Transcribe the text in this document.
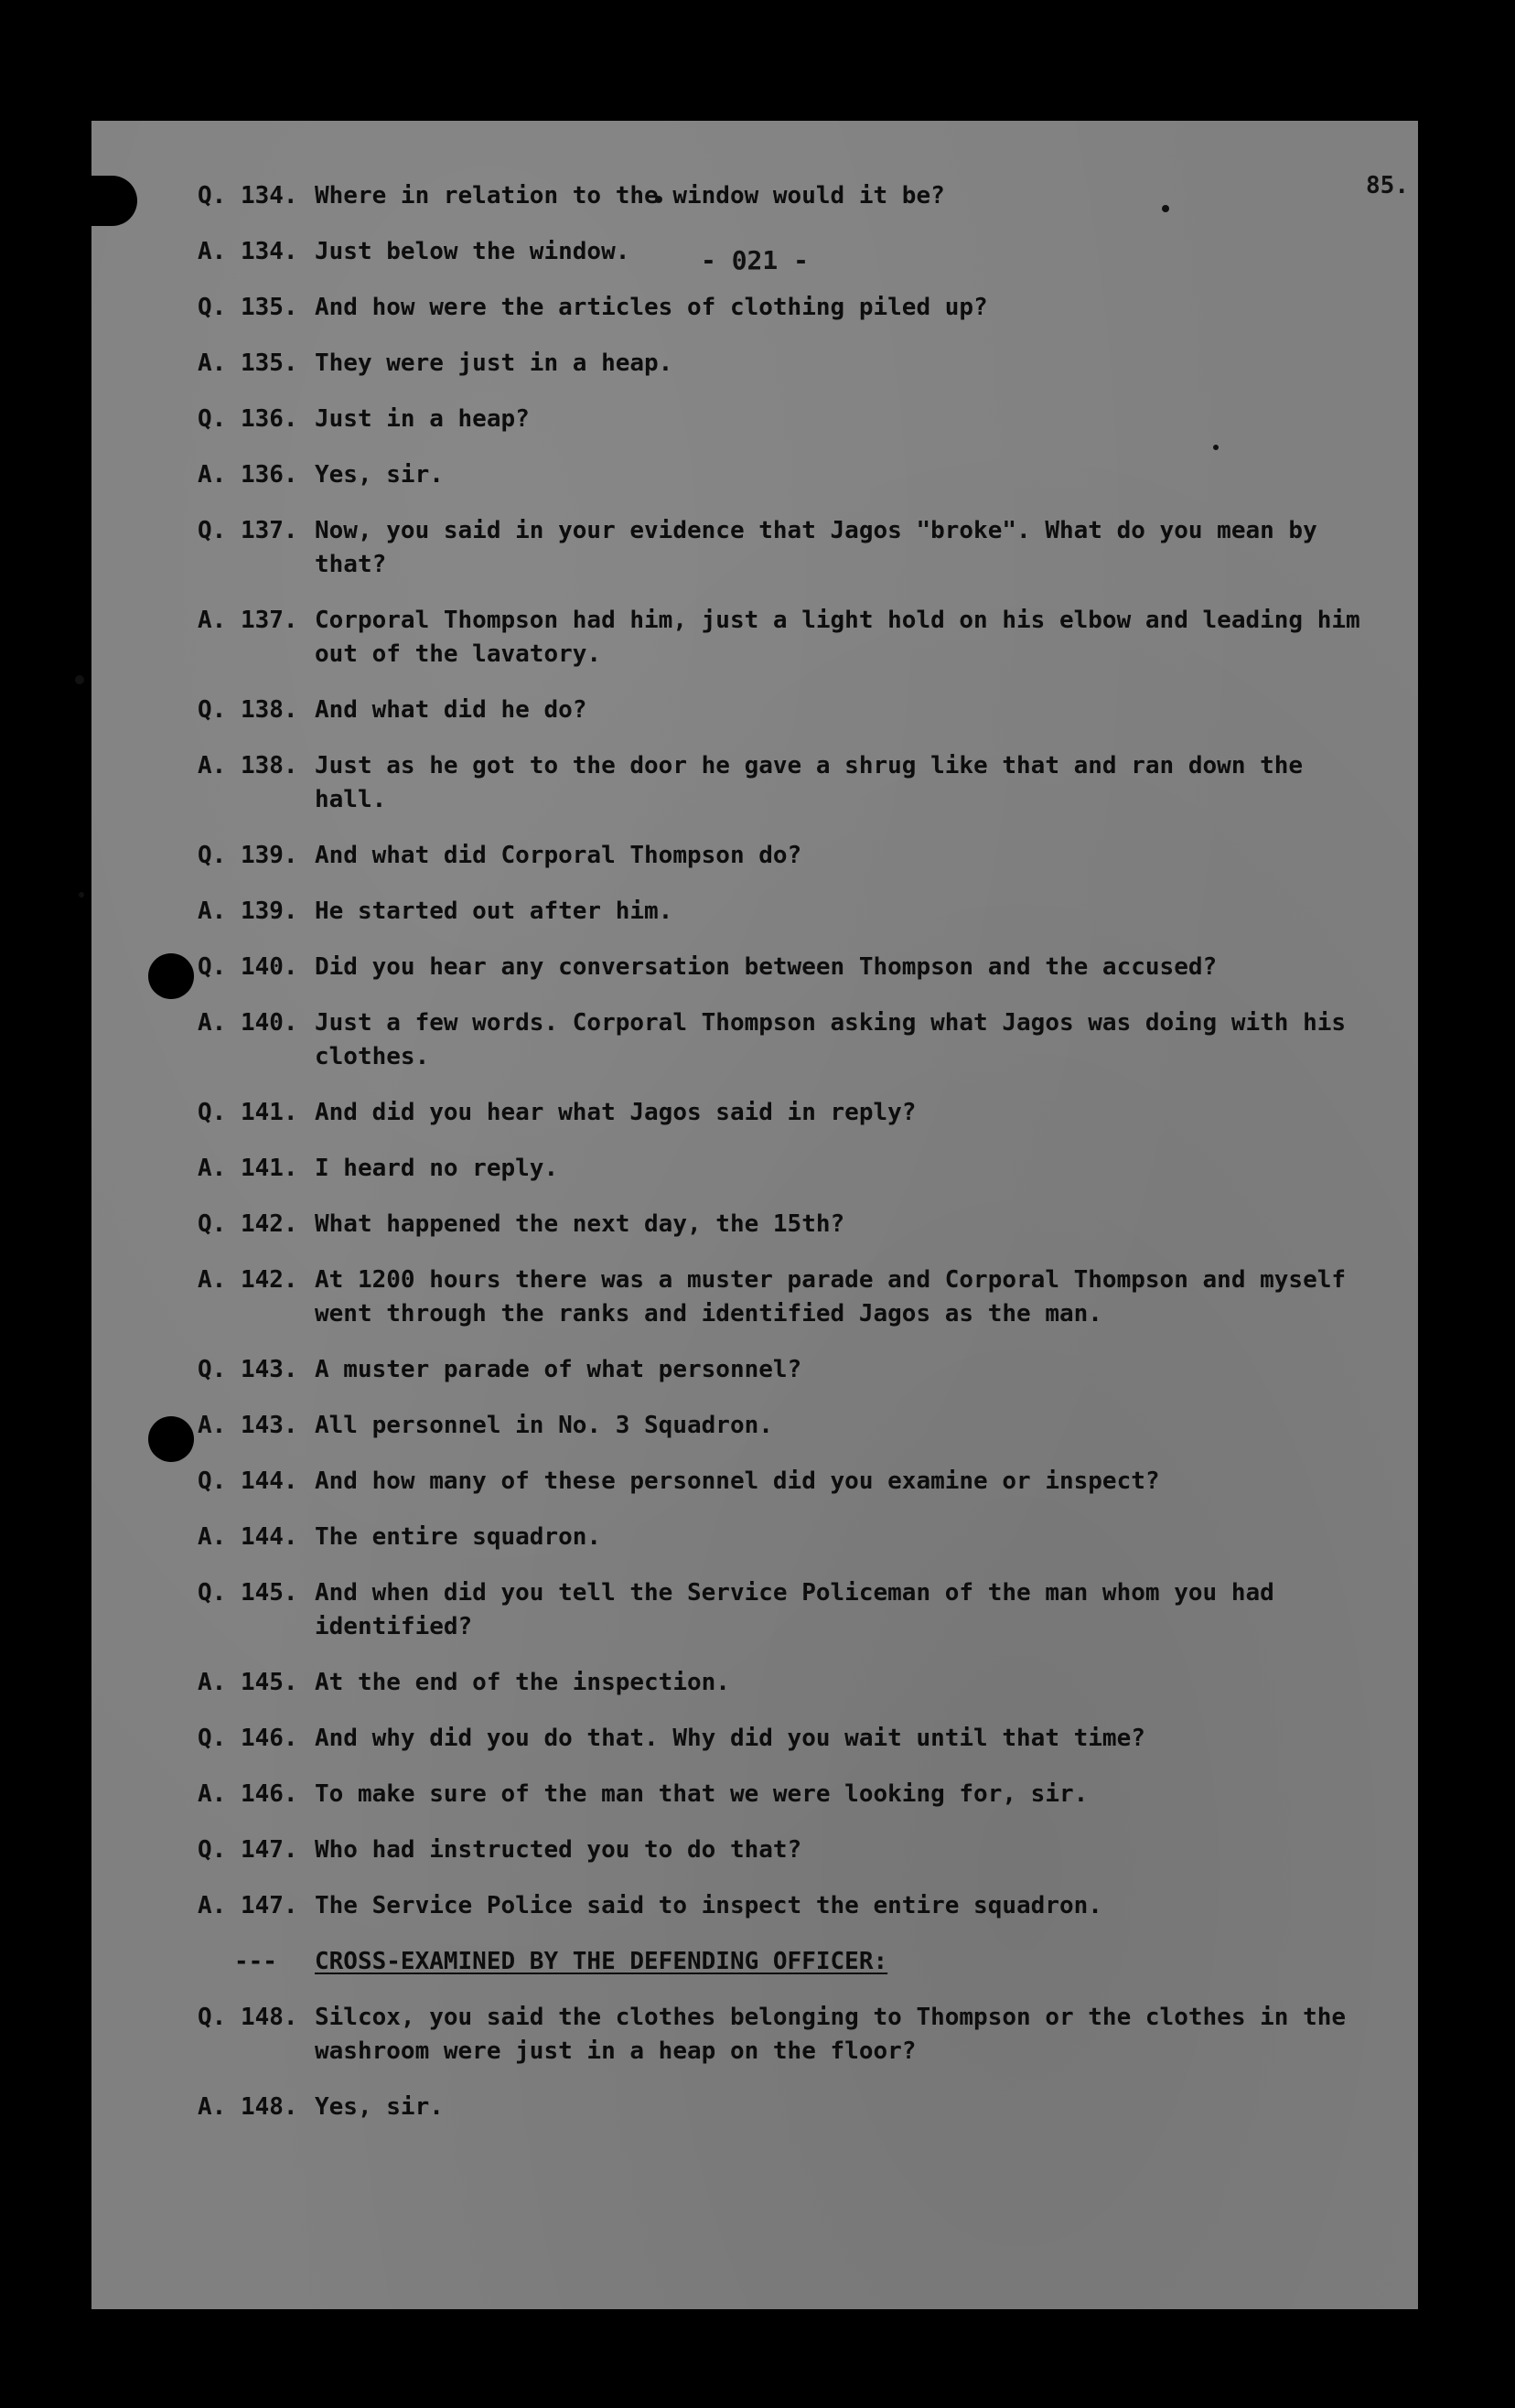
85.
- 021 -
Q. 134. Where in relation to the window would it be?
A. 134. Just below the window.
Q. 135. And how were the articles of clothing piled up?
A. 135. They were just in a heap.
Q. 136. Just in a heap?
A. 136. Yes, sir.
Q. 137. Now, you said in your evidence that Jagos "broke". What do you mean by that?
A. 137. Corporal Thompson had him, just a light hold on his elbow and leading him out of the lavatory.
Q. 138. And what did he do?
A. 138. Just as he got to the door he gave a shrug like that and ran down the hall.
Q. 139. And what did Corporal Thompson do?
A. 139. He started out after him.
Q. 140. Did you hear any conversation between Thompson and the accused?
A. 140. Just a few words. Corporal Thompson asking what Jagos was doing with his clothes.
Q. 141. And did you hear what Jagos said in reply?
A. 141. I heard no reply.
Q. 142. What happened the next day, the 15th?
A. 142. At 1200 hours there was a muster parade and Corporal Thompson and myself went through the ranks and identified Jagos as the man.
Q. 143. A muster parade of what personnel?
A. 143. All personnel in No. 3 Squadron.
Q. 144. And how many of these personnel did you examine or inspect?
A. 144. The entire squadron.
Q. 145. And when did you tell the Service Policeman of the man whom you had identified?
A. 145. At the end of the inspection.
Q. 146. And why did you do that. Why did you wait until that time?
A. 146. To make sure of the man that we were looking for, sir.
Q. 147. Who had instructed you to do that?
A. 147. The Service Police said to inspect the entire squadron.
---	CROSS-EXAMINED BY THE DEFENDING OFFICER:
Q. 148. Silcox, you said the clothes belonging to Thompson or the clothes in the washroom were just in a heap on the floor?
A. 148. Yes, sir.
